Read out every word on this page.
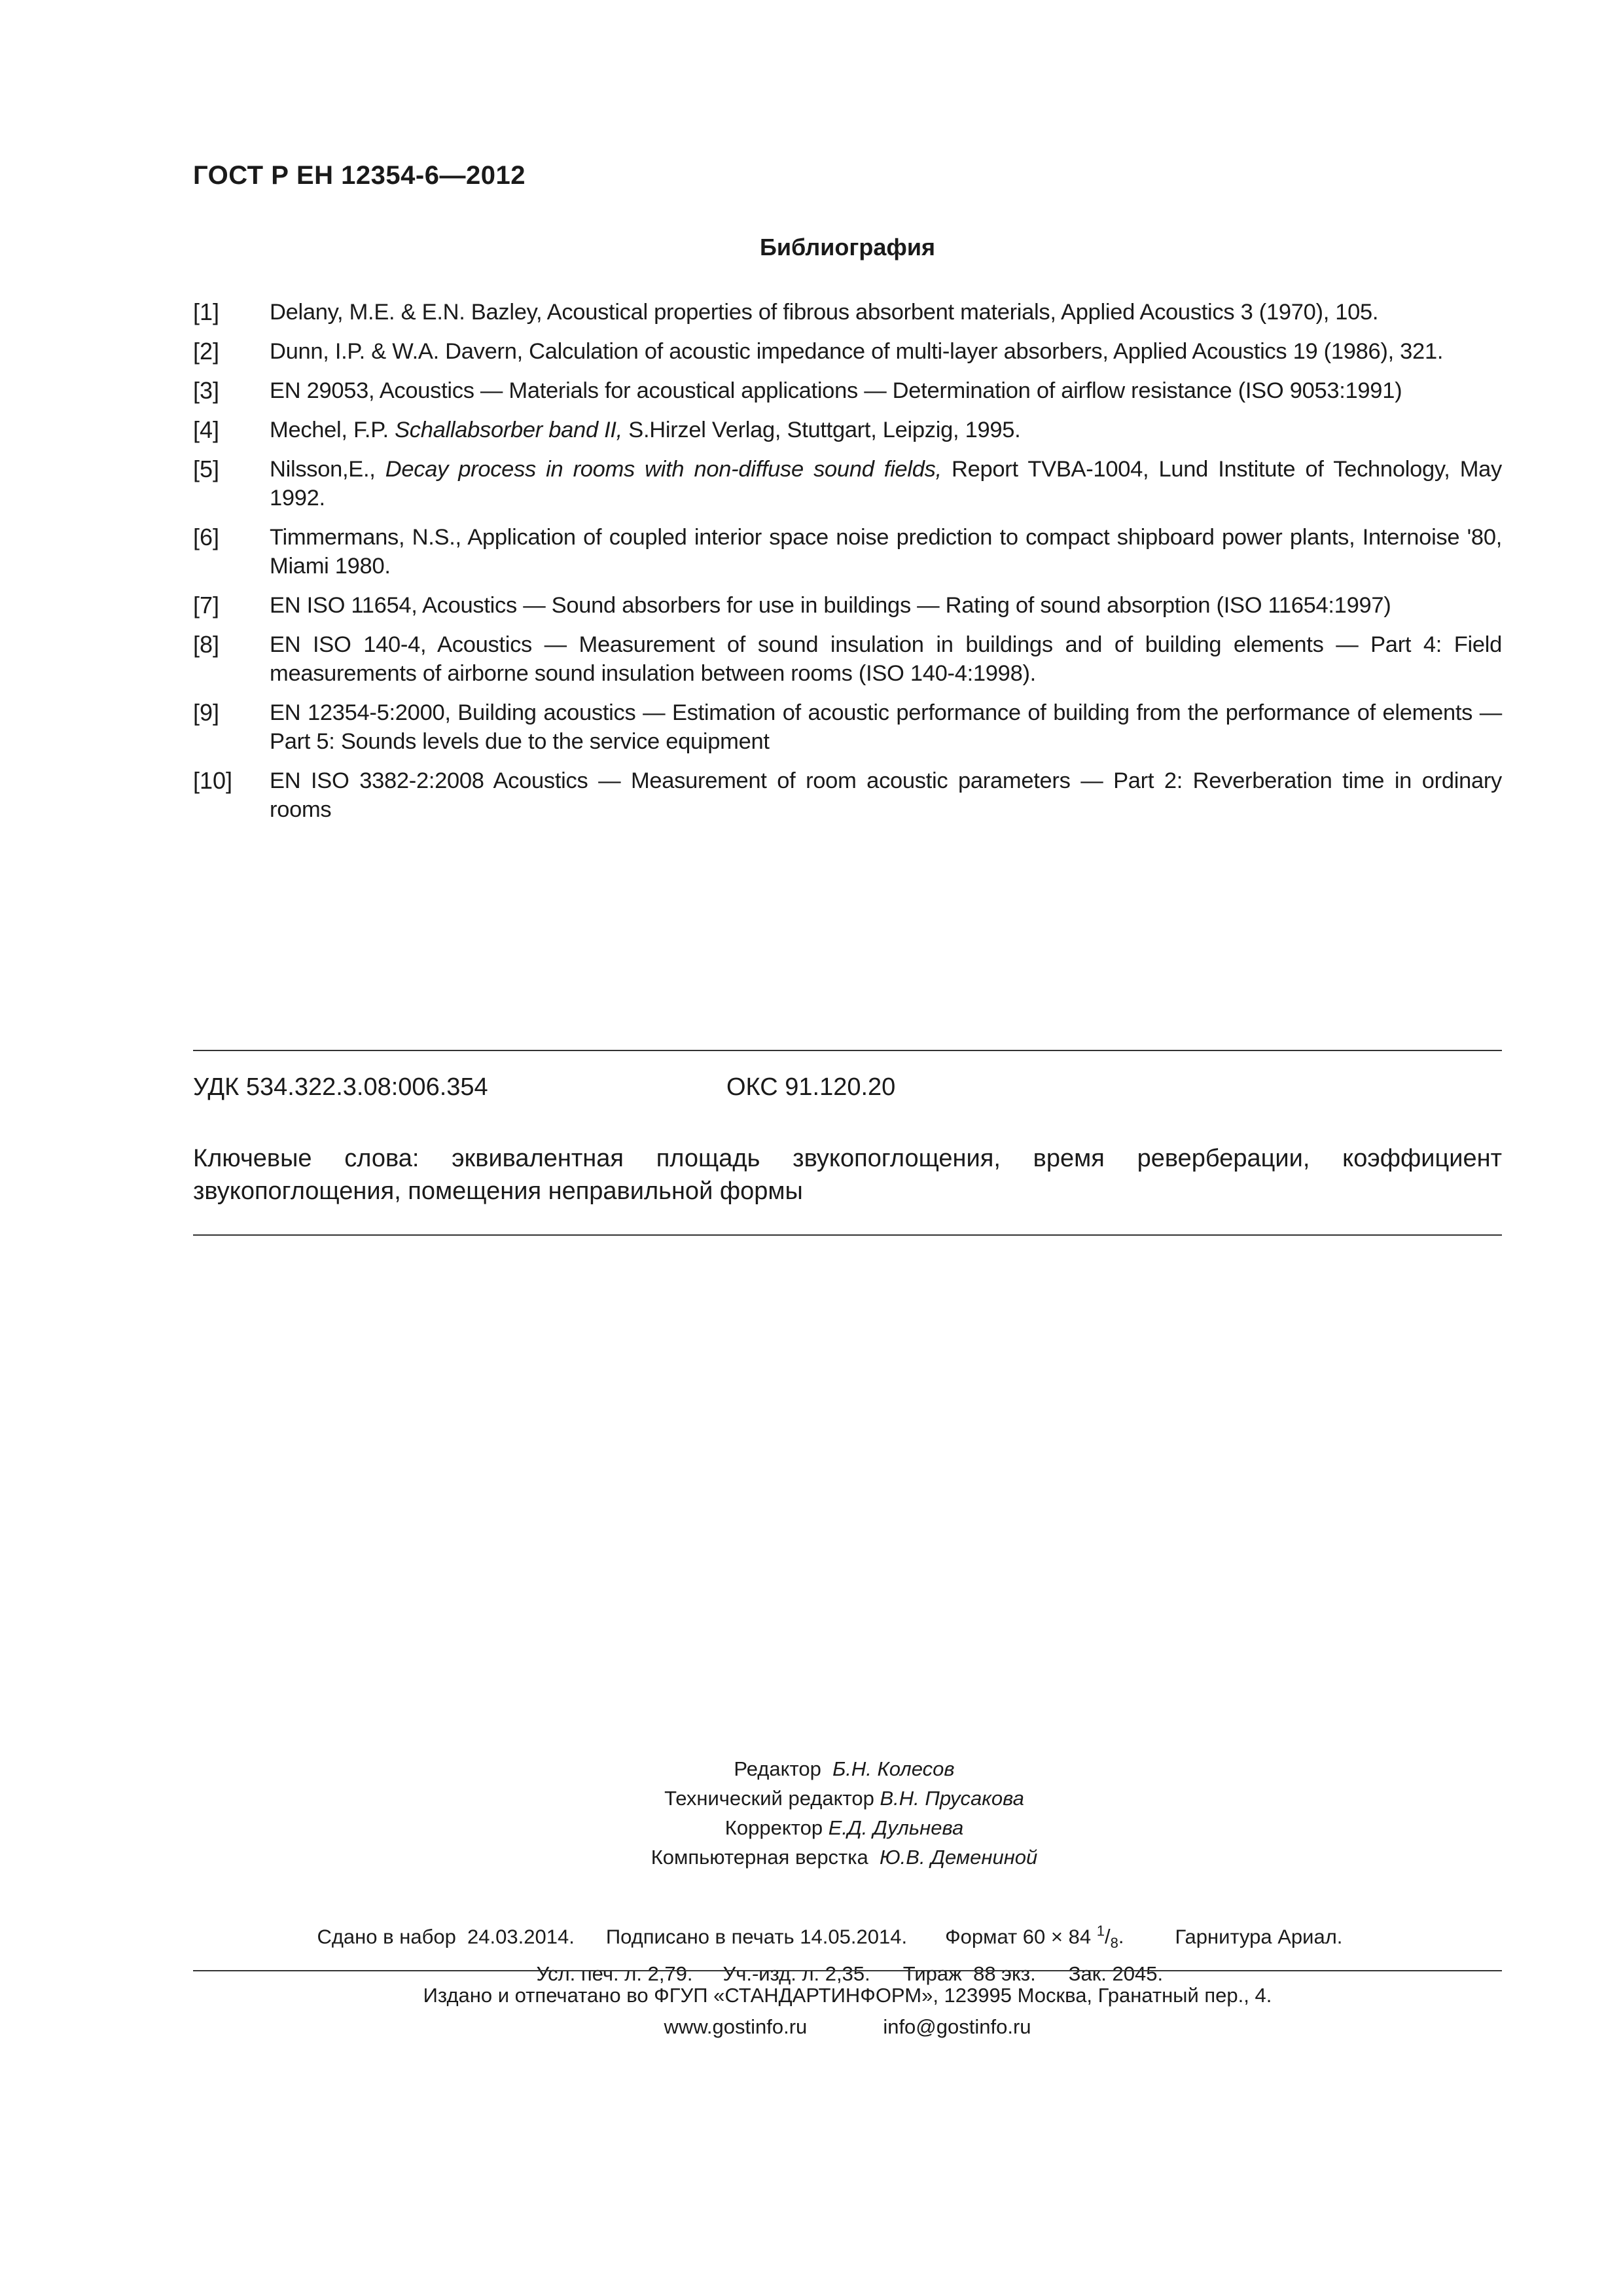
ГОСТ Р ЕН 12354-6—2012
Библиография
[1]	Delany, M.E. & E.N. Bazley, Acoustical properties of fibrous absorbent materials, Applied Acoustics 3 (1970), 105.
[2]	Dunn, I.P. & W.A. Davern, Calculation of acoustic impedance of multi-layer absorbers, Applied Acoustics 19 (1986), 321.
[3]	EN 29053, Acoustics — Materials for acoustical applications — Determination of airflow resistance (ISO 9053:1991)
[4]	Mechel, F.P. Schallabsorber band II, S.Hirzel Verlag, Stuttgart, Leipzig, 1995.
[5]	Nilsson,E., Decay process in rooms with non-diffuse sound fields, Report TVBA-1004, Lund Institute of Technology, May 1992.
[6]	Timmermans, N.S., Application of coupled interior space noise prediction to compact shipboard power plants, Internoise '80, Miami 1980.
[7]	EN ISO 11654, Acoustics — Sound absorbers for use in buildings — Rating of sound absorption (ISO 11654:1997)
[8]	EN ISO 140-4, Acoustics — Measurement of sound insulation in buildings and of building elements — Part 4: Field measurements of airborne sound insulation between rooms (ISO 140-4:1998).
[9]	EN 12354-5:2000, Building acoustics — Estimation of acoustic performance of building from the performance of elements — Part 5: Sounds levels due to the service equipment
[10]	EN ISO 3382-2:2008 Acoustics — Measurement of room acoustic parameters — Part 2: Reverberation time in ordinary rooms
УДК 534.322.3.08:006.354	ОКС 91.120.20
Ключевые слова: эквивалентная площадь звукопоглощения, время реверберации, коэффициент звукопоглощения, помещения неправильной формы
Редактор Б.Н. Колесов
Технический редактор В.Н. Прусакова
Корректор Е.Д. Дульнева
Компьютерная верстка Ю.В. Демениной

Сдано в набор  24.03.2014. Подписано в печать 14.05.2014. Формат 60 × 84 $^1/_8$.	Гарнитура Ариал.

Усл. печ. л. 2,79. Уч.-изд. л. 2,35. Тираж  88 экз. Зак. 2045.

Издано и отпечатано во ФГУП «СТАНДАРТИНФОРМ», 123995 Москва, Гранатный пер., 4.
www.gostinfo.ru	info@gostinfo.ru
